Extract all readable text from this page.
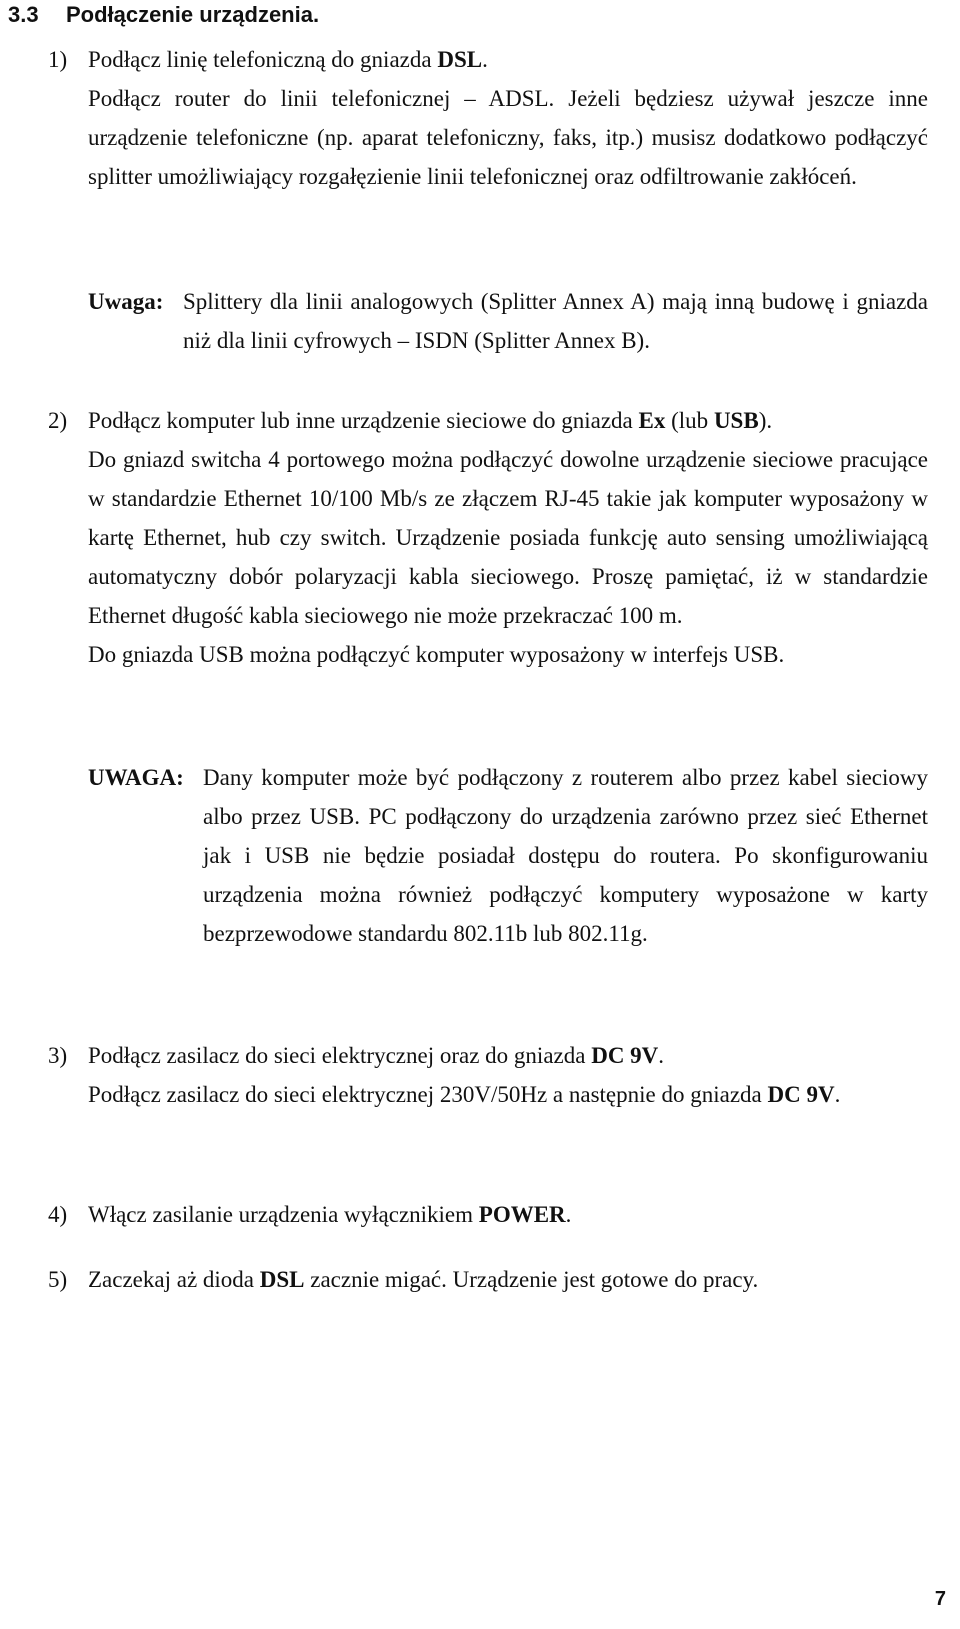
3.3 Podłączenie urządzenia.
1) Podłącz linię telefoniczną do gniazda DSL.
Podłącz router do linii telefonicznej – ADSL. Jeżeli będziesz używał jeszcze inne urządzenie telefoniczne (np. aparat telefoniczny, faks, itp.) musisz dodatkowo podłączyć splitter umożliwiający rozgałęzienie linii telefonicznej oraz odfiltrowanie zakłóceń.
Uwaga: Splittery dla linii analogowych (Splitter Annex A) mają inną budowę i gniazda niż dla linii cyfrowych – ISDN (Splitter Annex B).
2) Podłącz komputer lub inne urządzenie sieciowe do gniazda Ex (lub USB).
Do gniazd switcha 4 portowego można podłączyć dowolne urządzenie sieciowe pracujące w standardzie Ethernet 10/100 Mb/s ze złączem RJ-45 takie jak komputer wyposażony w kartę Ethernet, hub czy switch. Urządzenie posiada funkcję auto sensing umożliwiającą automatyczny dobór polaryzacji kabla sieciowego. Proszę pamiętać, iż w standardzie Ethernet długość kabla sieciowego nie może przekraczać 100 m.
Do gniazda USB można podłączyć komputer wyposażony w interfejs USB.
UWAGA: Dany komputer może być podłączony z routerem albo przez kabel sieciowy albo przez USB. PC podłączony do urządzenia zarówno przez sieć Ethernet jak i USB nie będzie posiadał dostępu do routera. Po skonfigurowaniu urządzenia można również podłączyć komputery wyposażone w karty bezprzewodowe standardu 802.11b lub 802.11g.
3) Podłącz zasilacz do sieci elektrycznej oraz do gniazda DC 9V.
Podłącz zasilacz do sieci elektrycznej 230V/50Hz a następnie do gniazda DC 9V.
4) Włącz zasilanie urządzenia wyłącznikiem POWER.
5) Zaczekaj aż dioda DSL zacznie migać. Urządzenie jest gotowe do pracy.
7
